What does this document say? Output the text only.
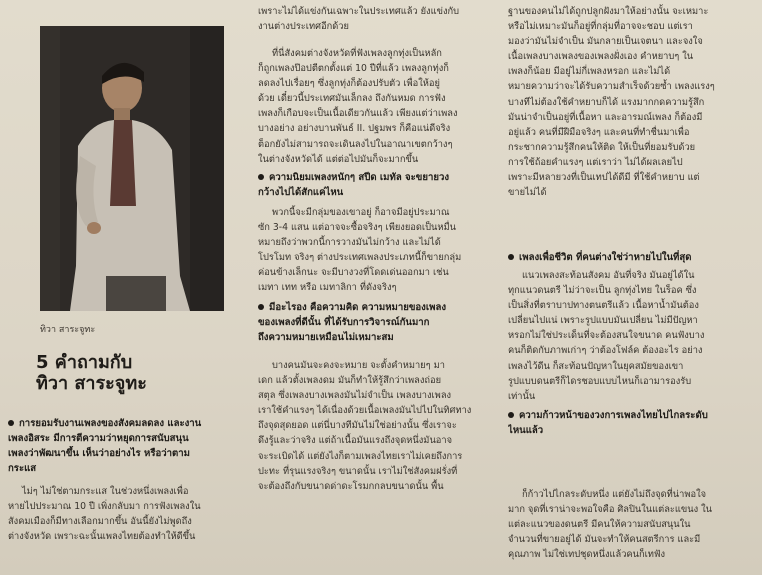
ทิวา สาระจูทะ
5 คำถามกับ
ทิวา สาระจูทะ

การยอมรับงานเพลงของสังคมลดลง และงาน

เพลงอิสระ มีการตีความว่าหยุดการสนับสนุน

เพลงว่าพัฒนาขึ้น เห็นว่าอย่างไร หรือว่าตาม

กระแส

ไม่ๆ ไม่ใช่ตามกระแส ในช่วงหนึ่งเพลงเพื่อ

หายไปประมาณ 10 ปี เพิ่งกลับมา การฟังเพลงใน

สังคมเมืองก็มีทางเลือกมากขึ้น อันนี้ยังไม่พูดถึง

ต่างจังหวัด เพราะฉะนั้นเพลงไทยต้องทำให้ดีขึ้น

เพราะไม่ได้แข่งกันเฉพาะในประเทศแล้ว ยังแข่งกับ

งานต่างประเทศอีกด้วย

ที่นี่สังคมต่างจังหวัดที่ฟังเพลงลูกทุ่งเป็นหลัก

ก็ถูกเพลงป๊อปตีตกตั้งแต่ 10 ปีที่แล้ว เพลงลูกทุ่งก็

ลดลงไปเรื่อยๆ ซึ่งลูกทุ่งก็ต้องปรับตัว เพื่อให้อยู่

ด้วย เดี๋ยวนี้ประเทศมันเล็กลง ถึงกันหมด การฟัง

เพลงก็เกือบจะเป็นเนื้อเดียวกันแล้ว เพียงแต่ว่าเพลง

บางอย่าง อย่างบานพันธ์ II. ปฐมพร ก็คือแน่ดีจริง

ต็อกยังไม่สามารถจะเดินลงไปในอาณาเขตกว้างๆ

ในต่างจังหวัดได้ แต่ต่อไปมันก็จะมากขึ้น

ความนิยมเพลงหนักๆ สปีด เมทัล จะขยายวง

กว้างไปได้สักแค่ไหน

พวกนี้จะมีกลุ่มของเขาอยู่ ก็อาจมีอยู่ประมาณ

ซัก 3-4 แสน แต่อาจจะซื้อจริงๆ เพียงยอดเป็นหมื่น

หมายถึงว่าพวกนี้การวางมันไม่กว้าง และไม่ได้

โปรโมท จริงๆ ต่างประเทศเพลงประเภทนี้ก็ขายกลุ่ม

ค่อนข้างเล็กนะ จะมีบางวงที่โดดเด่นออกมา เช่น

เมทา เทท หรือ เมทาลิกา ที่ดังจริงๆ

มีอะไรอง คือความคิด ความหมายของเพลง

ของเพลงที่ดีนั้น ที่ได้รับการวิจารณ์กันมาก

ถึงความหมายเหมือนไม่เหมาะสม

บางคนมันจะคงจะหมาย จะตั้งคำหมายๆ มา

เดก แล้วตั้งเพลงดม มันก็ทำให้รู้สึกว่าเพลงถ่อย

สตุล ซึ่งเพลงบางเพลงมันไม่จำเป็น เพลงบางเพลง

เราใช้คำแรงๆ ได้เนื่องด้วยเนื้อเพลงมันไปไปในทิศทาง

ถึงจุดสุดยอด แต่นี่บางทีมันไม่ใช่อย่างนั้น ซึ่งเราจะ

ดึงรู้และว่าจริง แต่ถ้าเนื้อมันแรงถึงจุดหนึ่งมันอาจ

จะระเบิดได้ แต่ยังไงก็ตามเพลงไทยเราไม่เคยถึงการ

ปะทะ ที่รุนแรงจริงๆ ขนาดนั้น เราไม่ใช่สังคมฝรั่งที่

จะต้องถึงกับขนาดด่าดะโรมกกลบขนาดนั้น พื้น

ฐานของคนไม่ได้ถูกปลูกฝังมาให้อย่างนั้น จะเหมาะ

หรือไม่เหมาะมันก็อยู่ที่กลุ่มที่อาจจะชอบ แต่เรา

มองว่ามันไม่จำเป็น มันกลายเป็นเจตนา และจงใจ

เนื้อเพลงบางเพลงของเพลงฝั่งเอง คำหยาบๆ ใน

เพลงก็น้อย มีอยู่ไม่กี่เพลงหรอก และไม่ได้

หมายความว่าจะได้รับความสำเร็จด้วยซ้ำ เพลงแรงๆ

บางทีไม่ต้องใช้คำหยาบก็ได้ แรงมากกดความรู้สึก

มันน่าจำเป็นอยู่ที่เนื้อหา และอารมณ์เพลง ก็ต้องมี

อยู่แล้ว คนที่มีฝีมือจริงๆ และคนที่ทำชื่นมาเพื่อ

กระชากความรู้สึกคนให้ติด ให้เป็นที่ยอมรับด้วย

การใช้ถ้อยคำแรงๆ แต่เราว่า ไม่ได้ผลเลยไป

เพราะมีหลายวงที่เป็นเทปได้ดีมี ที่ใช้คำหยาบ แต่

ขายไม่ได้

เพลงเพื่อชีวิต ที่คนต่างใช่ว่าหายไปในที่สุด

แนวเพลงสะท้อนสังคม อันที่จริง มันอยู่ได้ใน

ทุกแนวดนตรี ไม่ว่าจะเป็น ลูกทุ่งไทย ในร็อค ซึ่ง

เป็นสิ่งที่ตราบาปทางตนตรีแล้ว เนื้อหาน้ำมันต้อง

เปลี่ยนไปแน่ เพราะรูปแบบมันเปลี่ยน ไม่มีปัญหา

หรอกไม่ใช่ประเด็นที่จะต้องสนใจขนาด คนฟังบาง

คนก็ติดกับภาพเก่าๆ ว่าต้องโฟล์ค ต้องอะไร อย่าง

เพลงไว้ดีน ก็สะท้อนปัญหาในยุคสมัยของเขา

รูปแบบดนตรีก็ไดรชอบแบบไหนก็เอามารองรับ

เท่านั้น

ความก้าวหน้าของวงการเพลงไทยไปไกลระดับ

ไหนแล้ว

ก็ก้าวไปไกลระดับหนึ่ง แต่ยังไม่ถึงจุดที่น่าพอใจ

มาก จุดที่เราน่าจะพอใจคือ ศิลปินในแต่ละแขนง ใน

แต่ละแนวของดนตรี มีคนให้ความสนับสนุนใน

จำนวนที่ขายอยู่ได้ มันจะทำให้คนสตรีการ และมี

คุณภาพ ไม่ใช่เทปชุดหนึ่งแล้วคนก็เทฟัง
